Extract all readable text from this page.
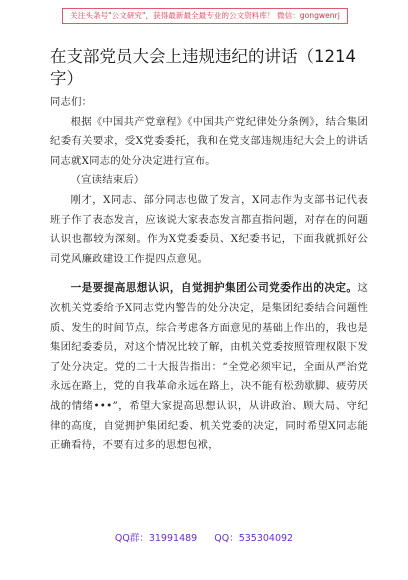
关注头条号"公文研究"，获得最新最全最专业的公文资料库！ 微信：gongwenrj
在支部党员大会上违规违纪的讲话（1214字）

同志们：

根据《中国共产党章程》《中国共产党纪律处分条例》，结合集团纪委有关要求，受X党委委托，我和在党支部违规违纪大会上的讲话同志就X同志的处分决定进行宣布。

（宣读结束后）

刚才，X同志、部分同志也做了发言，X同志作为支部书记代表班子作了表态发言，应该说大家表态发言都直指问题，对存在的问题认识也都较为深刻。作为X党委委员、X纪委书记，下面我就抓好公司党风廉政建设工作提四点意见。

一是要提高思想认识，自觉拥护集团公司党委作出的决定。这次机关党委给予X同志党内警告的处分决定，是集团纪委结合问题性质、发生的时间节点，综合考虑各方面意见的基础上作出的，我也是集团纪委委员，对这个情况比较了解，由机关党委按照管理权限下发了处分决定。党的二十大报告指出：“全党必须牢记，全面从严治党永远在路上，党的自我革命永远在路上，决不能有松劲歇脚、疲劳厌战的情绪•••”，希望大家提高思想认识，从讲政治、顾大局、守纪律的高度，自觉拥护集团纪委、机关党委的决定，同时希望X同志能正确看待，不要有过多的思想包袱，

QQ群：31991489 QQ：535304092
